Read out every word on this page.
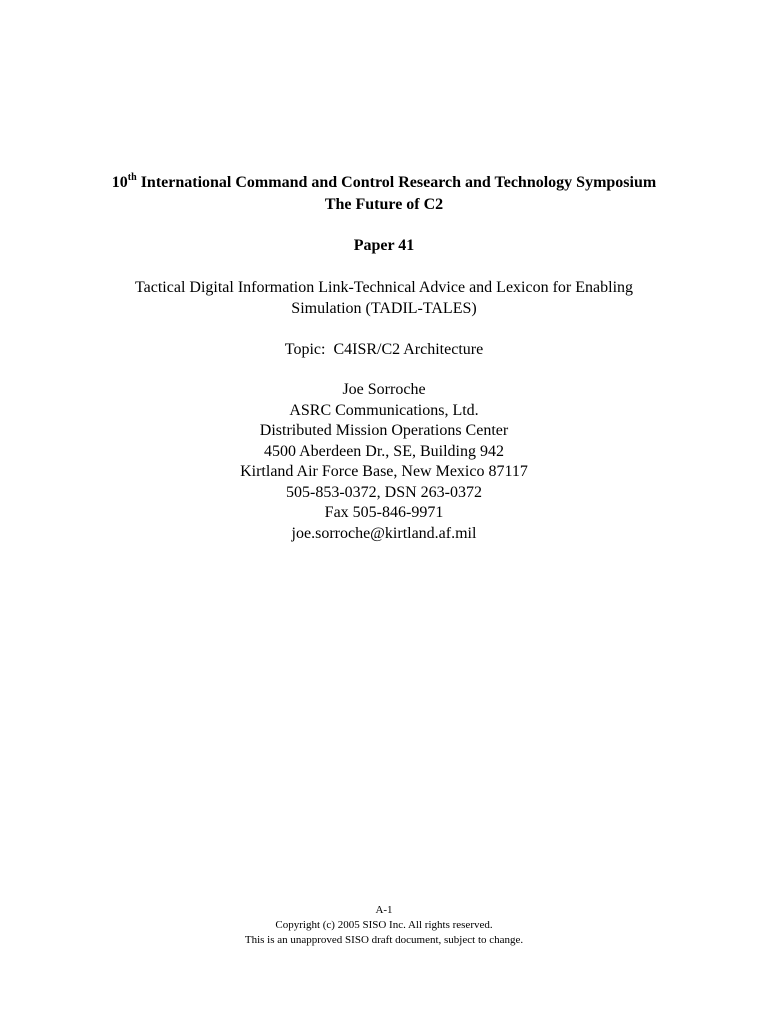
10th International Command and Control Research and Technology Symposium

The Future of C2

Paper 41

Tactical Digital Information Link-Technical Advice and Lexicon for Enabling
Simulation (TADIL-TALES)

Topic:  C4ISR/C2 Architecture

Joe Sorroche
ASRC Communications, Ltd.
Distributed Mission Operations Center
4500 Aberdeen Dr., SE, Building 942
Kirtland Air Force Base, New Mexico 87117
505-853-0372, DSN 263-0372
Fax 505-846-9971
joe.sorroche@kirtland.af.mil
A-1
Copyright (c) 2005 SISO Inc. All rights reserved.
This is an unapproved SISO draft document, subject to change.
